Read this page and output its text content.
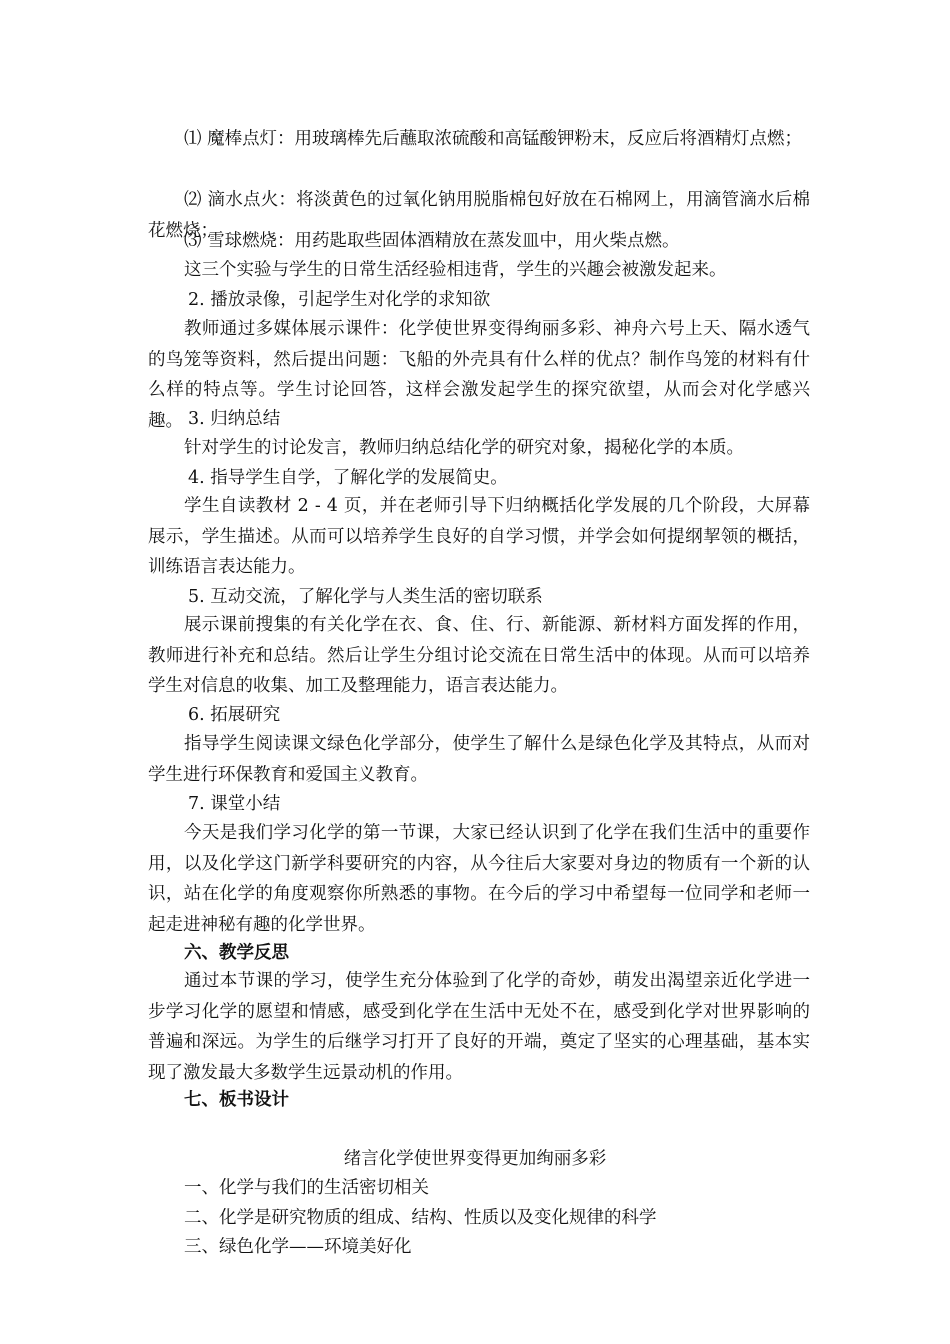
⑴ 魔棒点灯：用玻璃棒先后蘸取浓硫酸和高锰酸钾粉末，反应后将酒精灯点燃；

⑵ 滴水点火：将淡黄色的过氧化钠用脱脂棉包好放在石棉网上，用滴管滴水后棉花燃烧；

⑶ 雪球燃烧：用药匙取些固体酒精放在蒸发皿中，用火柴点燃。
这三个实验与学生的日常生活经验相违背，学生的兴趣会被激发起来。
2. 播放录像，引起学生对化学的求知欲

教师通过多媒体展示课件：化学使世界变得绚丽多彩、神舟六号上天、隔水透气的鸟笼等资料，然后提出问题：飞船的外壳具有什么样的优点？制作鸟笼的材料有什么样的特点等。学生讨论回答，这样会激发起学生的探究欲望，从而会对化学感兴趣。 3. 归纳总结
针对学生的讨论发言，教师归纳总结化学的研究对象，揭秘化学的本质。
4. 指导学生自学，了解化学的发展简史。

学生自读教材 2 - 4 页，并在老师引导下归纳概括化学发展的几个阶段，大屏幕展示，学生描述。从而可以培养学生良好的自学习惯，并学会如何提纲挈领的概括，训练语言表达能力。

5. 互动交流，了解化学与人类生活的密切联系

展示课前搜集的有关化学在衣、食、住、行、新能源、新材料方面发挥的作用，教师进行补充和总结。然后让学生分组讨论交流在日常生活中的体现。从而可以培养学生对信息的收集、加工及整理能力，语言表达能力。

6. 拓展研究

指导学生阅读课文绿色化学部分，使学生了解什么是绿色化学及其特点，从而对学生进行环保教育和爱国主义教育。

7. 课堂小结

今天是我们学习化学的第一节课，大家已经认识到了化学在我们生活中的重要作用，以及化学这门新学科要研究的内容，从今往后大家要对身边的物质有一个新的认识，站在化学的角度观察你所熟悉的事物。在今后的学习中希望每一位同学和老师一起走进神秘有趣的化学世界。

六、教学反思

通过本节课的学习，使学生充分体验到了化学的奇妙，萌发出渴望亲近化学进一步学习化学的愿望和情感，感受到化学在生活中无处不在，感受到化学对世界影响的普遍和深远。为学生的后继学习打开了良好的开端，奠定了坚实的心理基础，基本实现了激发最大多数学生远景动机的作用。

七、板书设计
绪言化学使世界变得更加绚丽多彩
一、化学与我们的生活密切相关
二、化学是研究物质的组成、结构、性质以及变化规律的科学
三、绿色化学——环境美好化
